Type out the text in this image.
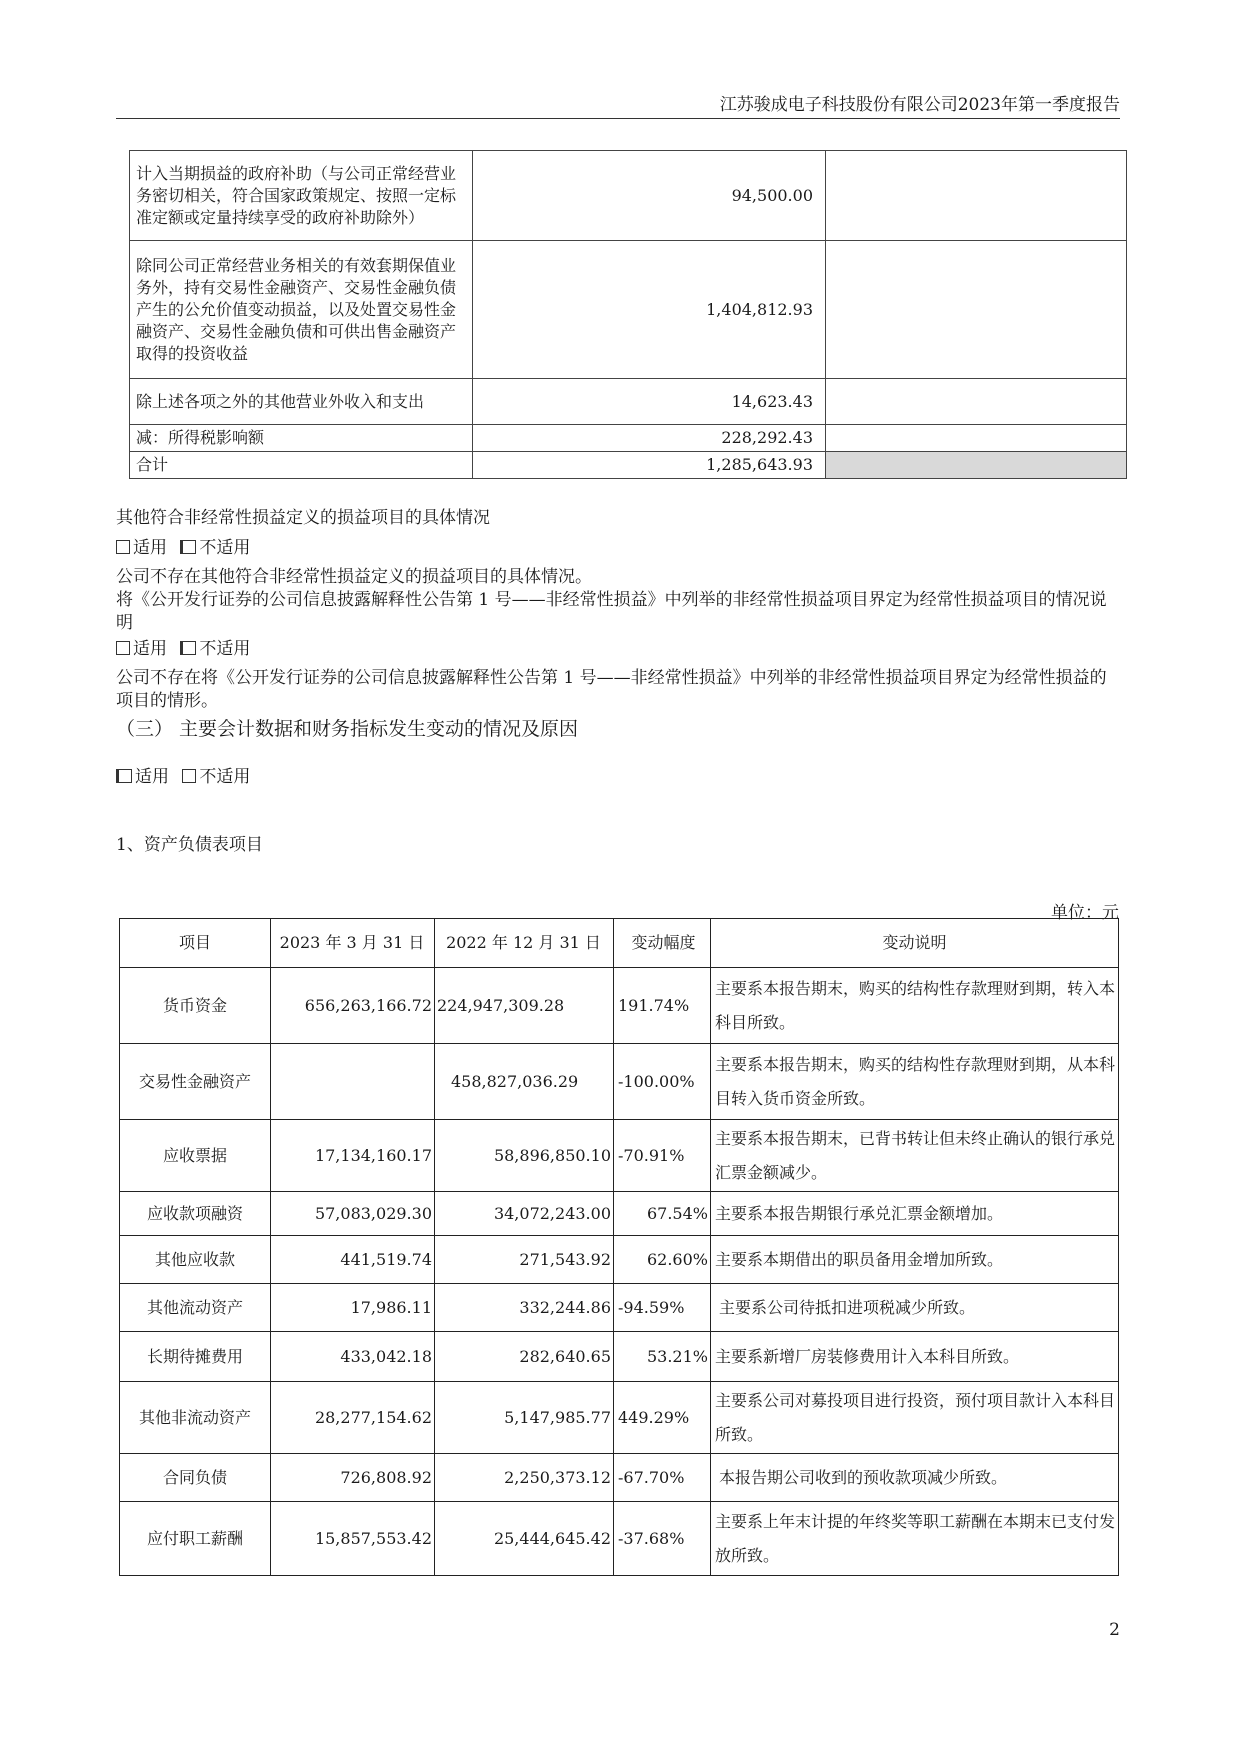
江苏骏成电子科技股份有限公司2023年第一季度报告
计入当期损益的政府补助（与公司正常经营业务密切相关，符合国家政策规定、按照一定标准定额或定量持续享受的政府补助除外）	94,500.00	
除同公司正常经营业务相关的有效套期保值业务外，持有交易性金融资产、交易性金融负债产生的公允价值变动损益，以及处置交易性金融资产、交易性金融负债和可供出售金融资产取得的投资收益	1,404,812.93	
除上述各项之外的其他营业外收入和支出	14,623.43	
减：所得税影响额	228,292.43	
合计	1,285,643.93	

其他符合非经常性损益定义的损益项目的具体情况

适用 不适用

公司不存在其他符合非经常性损益定义的损益项目的具体情况。

将《公开发行证券的公司信息披露解释性公告第 1 号——非经常性损益》中列举的非经常性损益项目界定为经常性损益项目的情况说明

适用 不适用

公司不存在将《公开发行证券的公司信息披露解释性公告第 1 号——非经常性损益》中列举的非经常性损益项目界定为经常性损益的项目的情形。

（三） 主要会计数据和财务指标发生变动的情况及原因

适用 不适用

1、资产负债表项目

单位：元
项目	2023 年 3 月 31 日	2022 年 12 月 31 日	变动幅度	变动说明
货币资金	656,263,166.72	224,947,309.28	191.74%	主要系本报告期末，购买的结构性存款理财到期，转入本科目所致。
交易性金融资产		458,827,036.29	-100.00%	主要系本报告期末，购买的结构性存款理财到期，从本科目转入货币资金所致。
应收票据	17,134,160.17	58,896,850.10	-70.91%	主要系本报告期末，已背书转让但未终止确认的银行承兑汇票金额减少。
应收款项融资	57,083,029.30	34,072,243.00	67.54%	主要系本报告期银行承兑汇票金额增加。
其他应收款	441,519.74	271,543.92	62.60%	主要系本期借出的职员备用金增加所致。
其他流动资产	17,986.11	332,244.86	-94.59%	主要系公司待抵扣进项税减少所致。
长期待摊费用	433,042.18	282,640.65	53.21%	主要系新增厂房装修费用计入本科目所致。
其他非流动资产	28,277,154.62	5,147,985.77	449.29%	主要系公司对募投项目进行投资，预付项目款计入本科目所致。
合同负债	726,808.92	2,250,373.12	-67.70%	本报告期公司收到的预收款项减少所致。
应付职工薪酬	15,857,553.42	25,444,645.42	-37.68%	主要系上年末计提的年终奖等职工薪酬在本期末已支付发放所致。
2
